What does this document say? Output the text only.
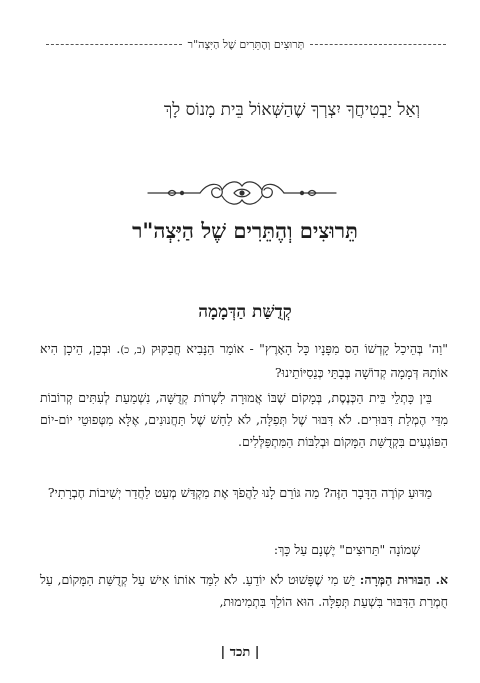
תְּרוּצִים וְהֶתֵּרִים שֶׁל הַיִּצְה"ר
וְאַל יַבְטִיחֲךָ יִצְרְךָ שֶׁהַשְּׁאוֹל בֵּית מָנוֹס לָךְ
תֵּרוּצִים וְהֶתֵּרִים שֶׁל הַיִּצְה"ר
קְדֻשַּׁת הַדְּמָמָה
"וַה' בְּהֵיכַל קָדְשׁוֹ הַס מִפָּנָיו כָּל הָאָרֶץ" - אוֹמֵר הַנָּבִיא חֲבַקּוּק (ב, כ). וּבְכֵן, הֵיכָן הִיא אוֹתָהּ דְּמָמָה קְדוֹשָׁה בְּבָתֵּי כְּנֵסִיּוֹתֵינוּ?
בֵּין כָּתְלֵי בֵּית הַכְּנֶסֶת, בְּמָקוֹם שֶׁבּוֹ אֲמוּרָה לִשְׁרוֹת קְדֻשָּׁה, נִשְׁמַעַת לְעִתִּים קְרוֹבוֹת מִדֵּי הֶמְלַת דִּבּוּרִים. לֹא דִּבּוּר שֶׁל תְּפִלָּה, לֹא לַחַשׁ שֶׁל תַּחֲנוּנִים, אֶלָּא מִטְּפוּטֵי יוֹם-יוֹם הַפּוֹגְעִים בִּקְדֻשַּׁת הַמָּקוֹם וּבְלִבּוֹת הַמִּתְפַּלְּלִים.
מַדּוּעַ קוֹרֶה הַדָּבָר הַזֶּה? מַה גּוֹרֵם לָנוּ לַהֲפֹךְ אֶת מִקְדַּשׁ מְעַט לַחֲדַר יְשִׁיבוֹת חֶבְרָתִי?
שְׁמוֹנָה "תֵּרוּצִים" יֶשְׁנָם עַל כָּךְ:
א. הַבּוּרוּת הַמְּרָה: יֵשׁ מִי שֶׁפָּשׁוּט לֹא יוֹדֵעַ. לֹא לִמֵּד אוֹתוֹ אִישׁ עַל קְדֻשַּׁת הַמָּקוֹם, עַל חֻמְרַת הַדִּבּוּר בִּשְׁעַת תְּפִלָּה. הוּא הוֹלֵךְ בִּתְמִימוּת,
| תכד |
